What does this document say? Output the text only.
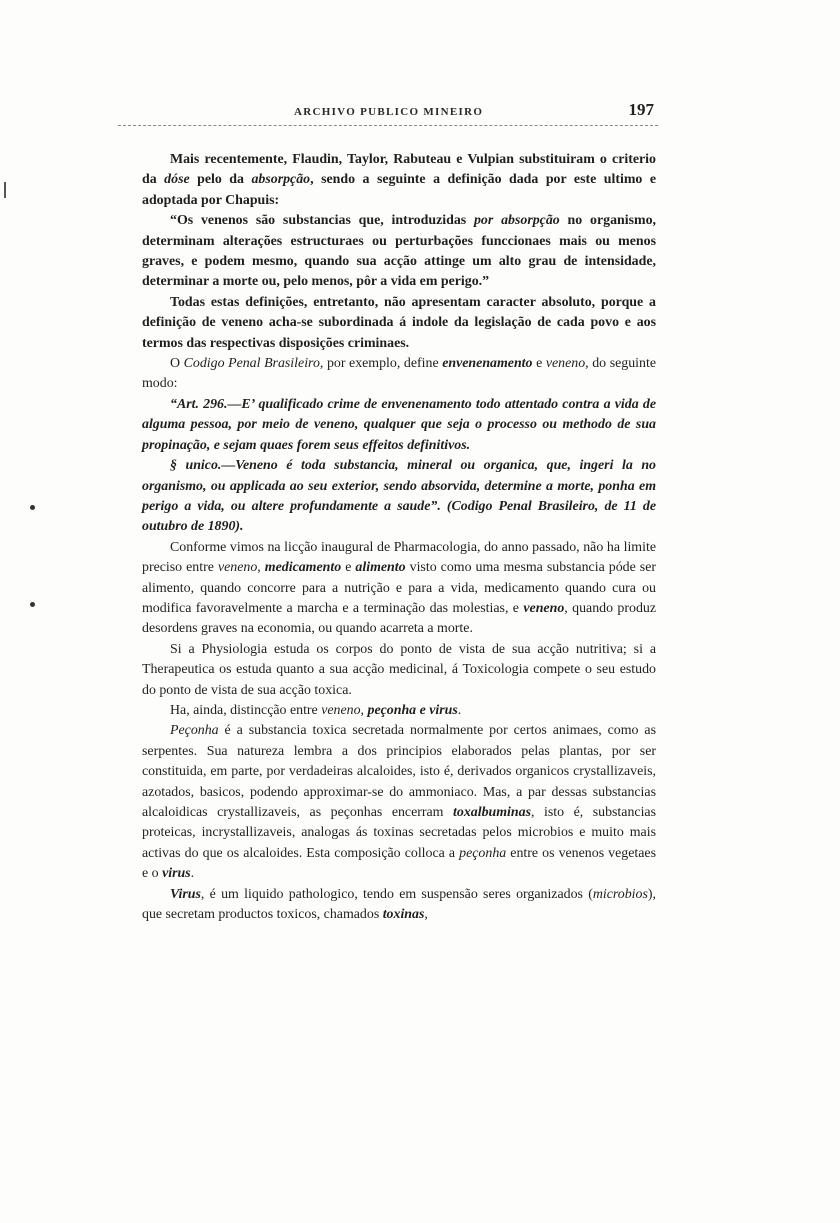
ARCHIVO PUBLICO MINEIRO	197

Mais recentemente, Flaudin, Taylor, Rabuteau e Vulpian substituiram o criterio da dóse pelo da absorpção, sendo a seguinte a definição dada por este ultimo e adoptada por Chapuis:

“Os venenos são substancias que, introduzidas por absorpção no organismo, determinam alterações estructuraes ou perturbações funccionaes mais ou menos graves, e podem mesmo, quando sua acção attinge um alto grau de intensidade, determinar a morte ou, pelo menos, pôr a vida em perigo.”

Todas estas definições, entretanto, não apresentam caracter absoluto, porque a definição de veneno acha-se subordinada á indole da legislação de cada povo e aos termos das respectivas disposições criminaes.

O Codigo Penal Brasileiro, por exemplo, define envenenamento e veneno, do seguinte modo:

“Art. 296.—E’ qualificado crime de envenenamento todo attentado contra a vida de alguma pessoa, por meio de veneno, qualquer que seja o processo ou methodo de sua propinação, e sejam quaes forem seus effeitos definitivos.

§ unico.—Veneno é toda substancia, mineral ou organica, que, ingeri la no organismo, ou applicada ao seu exterior, sendo absorvida, determine a morte, ponha em perigo a vida, ou altere profundamente a saude”. (Codigo Penal Brasileiro, de 11 de outubro de 1890).

Conforme vimos na licção inaugural de Pharmacologia, do anno passado, não ha limite preciso entre veneno, medicamento e alimento visto como uma mesma substancia póde ser alimento, quando concorre para a nutrição e para a vida, medicamento quando cura ou modifica favoravelmente a marcha e a terminação das molestias, e veneno, quando produz desordens graves na economia, ou quando acarreta a morte.

Si a Physiologia estuda os corpos do ponto de vista de sua acção nutritiva; si a Therapeutica os estuda quanto a sua acção medicinal, á Toxicologia compete o seu estudo do ponto de vista de sua acção toxica.

Ha, ainda, distincção entre veneno, peçonha e virus.

Peçonha é a substancia toxica secretada normalmente por certos animaes, como as serpentes. Sua natureza lembra a dos principios elaborados pelas plantas, por ser constituida, em parte, por verdadeiras alcaloides, isto é, derivados organicos crystallizaveis, azotados, basicos, podendo approximar-se do ammoniaco. Mas, a par dessas substancias alcaloidicas crystallizaveis, as peçonhas encerram toxalbuminas, isto é, substancias proteicas, incrystallizaveis, analogas ás toxinas secretadas pelos microbios e muito mais activas do que os alcaloides. Esta composição colloca a peçonha entre os venenos vegetaes e o virus.

Virus, é um liquido pathologico, tendo em suspensão seres organizados (microbios), que secretam productos toxicos, chamados toxinas,
